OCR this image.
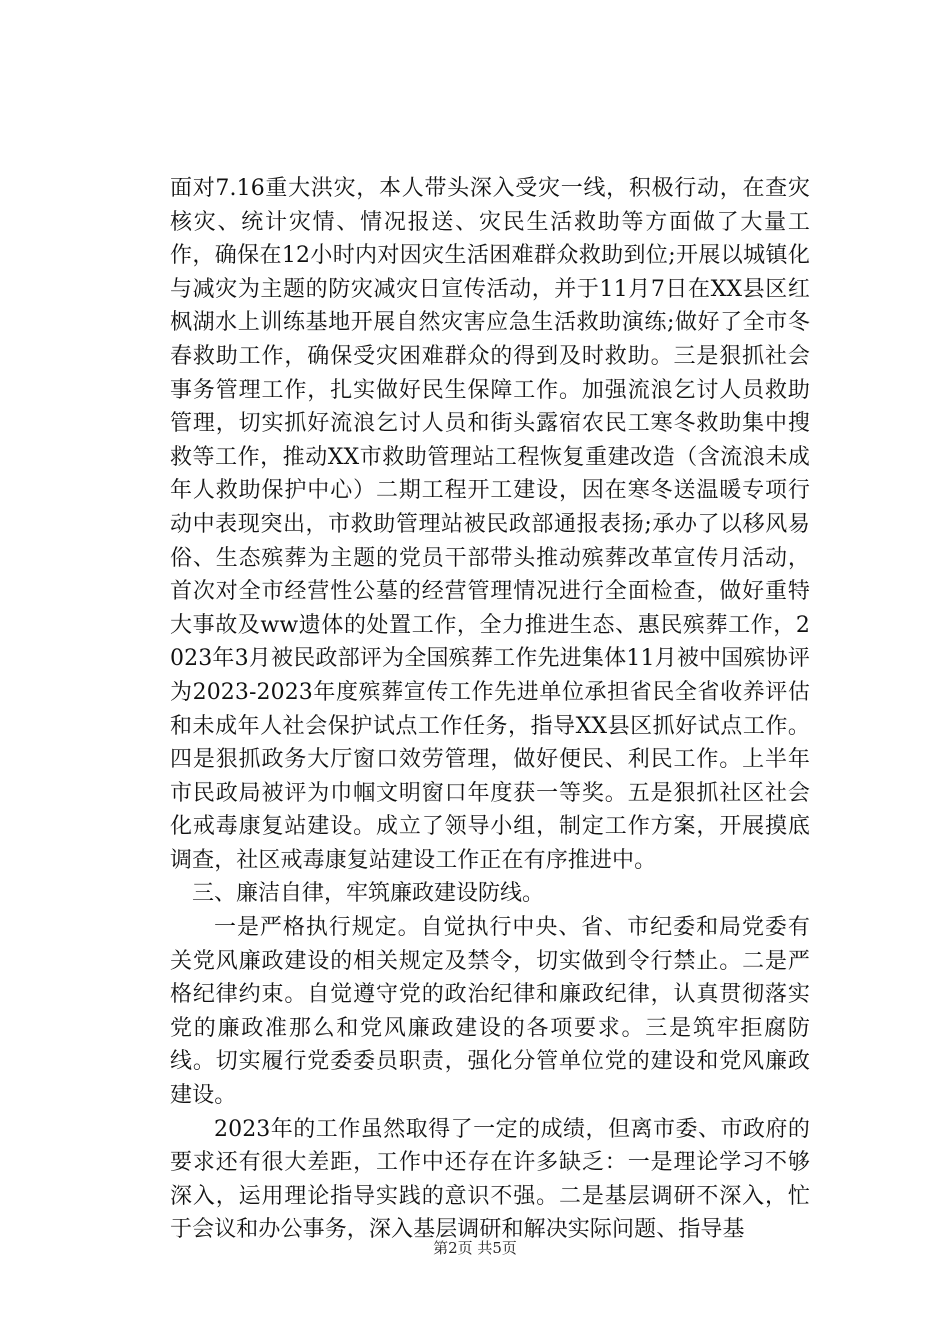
面对7.16重大洪灾，本人带头深入受灾一线，积极行动，在查灾核灾、统计灾情、情况报送、灾民生活救助等方面做了大量工作，确保在12小时内对因灾生活困难群众救助到位;开展以城镇化与减灾为主题的防灾减灾日宣传活动，并于11月7日在XX县区红枫湖水上训练基地开展自然灾害应急生活救助演练;做好了全市冬春救助工作，确保受灾困难群众的得到及时救助。三是狠抓社会事务管理工作，扎实做好民生保障工作。加强流浪乞讨人员救助管理，切实抓好流浪乞讨人员和街头露宿农民工寒冬救助集中搜救等工作，推动XX市救助管理站工程恢复重建改造（含流浪未成年人救助保护中心）二期工程开工建设，因在寒冬送温暖专项行动中表现突出，市救助管理站被民政部通报表扬;承办了以移风易俗、生态殡葬为主题的党员干部带头推动殡葬改革宣传月活动，首次对全市经营性公墓的经营管理情况进行全面检查，做好重特大事故及ww遗体的处置工作，全力推进生态、惠民殡葬工作，2023年3月被民政部评为全国殡葬工作先进集体11月被中国殡协评为2023-2023年度殡葬宣传工作先进单位承担省民全省收养评估和未成年人社会保护试点工作任务，指导XX县区抓好试点工作。四是狠抓政务大厅窗口效劳管理，做好便民、利民工作。上半年市民政局被评为巾帼文明窗口年度获一等奖。五是狠抓社区社会化戒毒康复站建设。成立了领导小组，制定工作方案，开展摸底调查，社区戒毒康复站建设工作正在有序推进中。

三、廉洁自律，牢筑廉政建设防线。

一是严格执行规定。自觉执行中央、省、市纪委和局党委有关党风廉政建设的相关规定及禁令，切实做到令行禁止。二是严格纪律约束。自觉遵守党的政治纪律和廉政纪律，认真贯彻落实党的廉政准那么和党风廉政建设的各项要求。三是筑牢拒腐防线。切实履行党委委员职责，强化分管单位党的建设和党风廉政建设。

2023年的工作虽然取得了一定的成绩，但离市委、市政府的要求还有很大差距，工作中还存在许多缺乏：一是理论学习不够深入，运用理论指导实践的意识不强。二是基层调研不深入，忙于会议和办公事务，深入基层调研和解决实际问题、指导基

第2页 共5页
